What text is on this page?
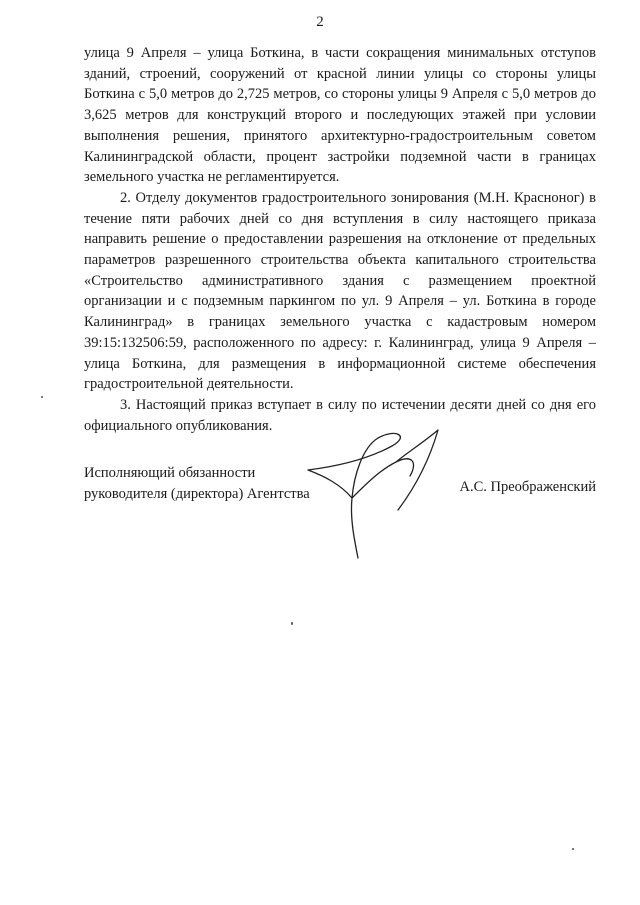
2

улица 9 Апреля – улица Боткина, в части сокращения минимальных отступов зданий, строений, сооружений от красной линии улицы со стороны улицы Боткина с 5,0 метров до 2,725 метров, со стороны улицы 9 Апреля с 5,0 метров до 3,625 метров для конструкций второго и последующих этажей при условии выполнения решения, принятого архитектурно-градостроительным советом Калининградской области, процент застройки подземной части в границах земельного участка не регламентируется.

2. Отделу документов градостроительного зонирования (М.Н. Красноног) в течение пяти рабочих дней со дня вступления в силу настоящего приказа направить решение о предоставлении разрешения на отклонение от предельных параметров разрешенного строительства объекта капитального строительства «Строительство административного здания с размещением проектной организации и с подземным паркингом по ул. 9 Апреля – ул. Боткина в городе Калининград» в границах земельного участка с кадастровым номером 39:15:132506:59, расположенного по адресу: г. Калининград, улица 9 Апреля – улица Боткина, для размещения в информационной системе обеспечения градостроительной деятельности.

3. Настоящий приказ вступает в силу по истечении десяти дней со дня его официального опубликования.

Исполняющий обязанности
руководителя (директора) Агентства	А.С. Преображенский
